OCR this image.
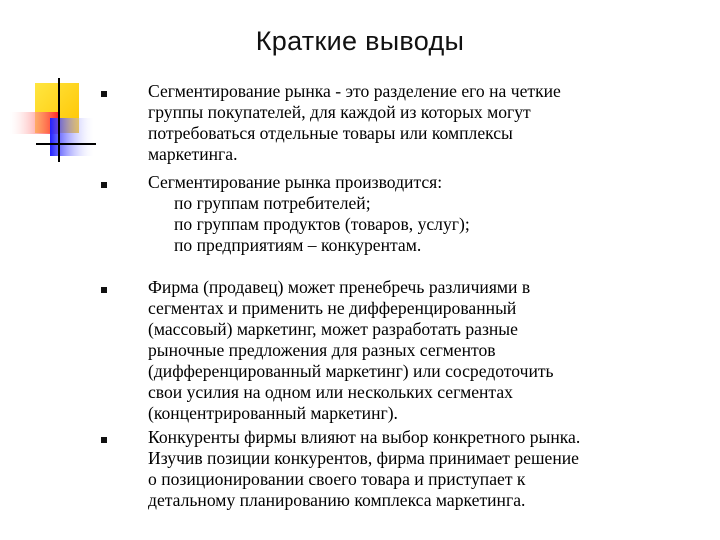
Краткие выводы
Сегментирование рынка - это разделение его на четкие
группы покупателей, для каждой из которых могут
потребоваться отдельные товары или комплексы
маркетинга.
Сегментирование рынка производится:
по группам потребителей;
по группам продуктов (товаров, услуг);
по предприятиям – конкурентам.
Фирма (продавец) может пренебречь различиями в
сегментах и применить не дифференцированный
(массовый) маркетинг, может разработать разные
рыночные предложения для разных сегментов
(дифференцированный маркетинг) или сосредоточить
свои усилия на одном или нескольких сегментах
(концентрированный маркетинг).
Конкуренты фирмы влияют на выбор конкретного рынка.
Изучив позиции конкурентов, фирма принимает решение
о позиционировании своего товара и приступает к
детальному планированию комплекса маркетинга.
